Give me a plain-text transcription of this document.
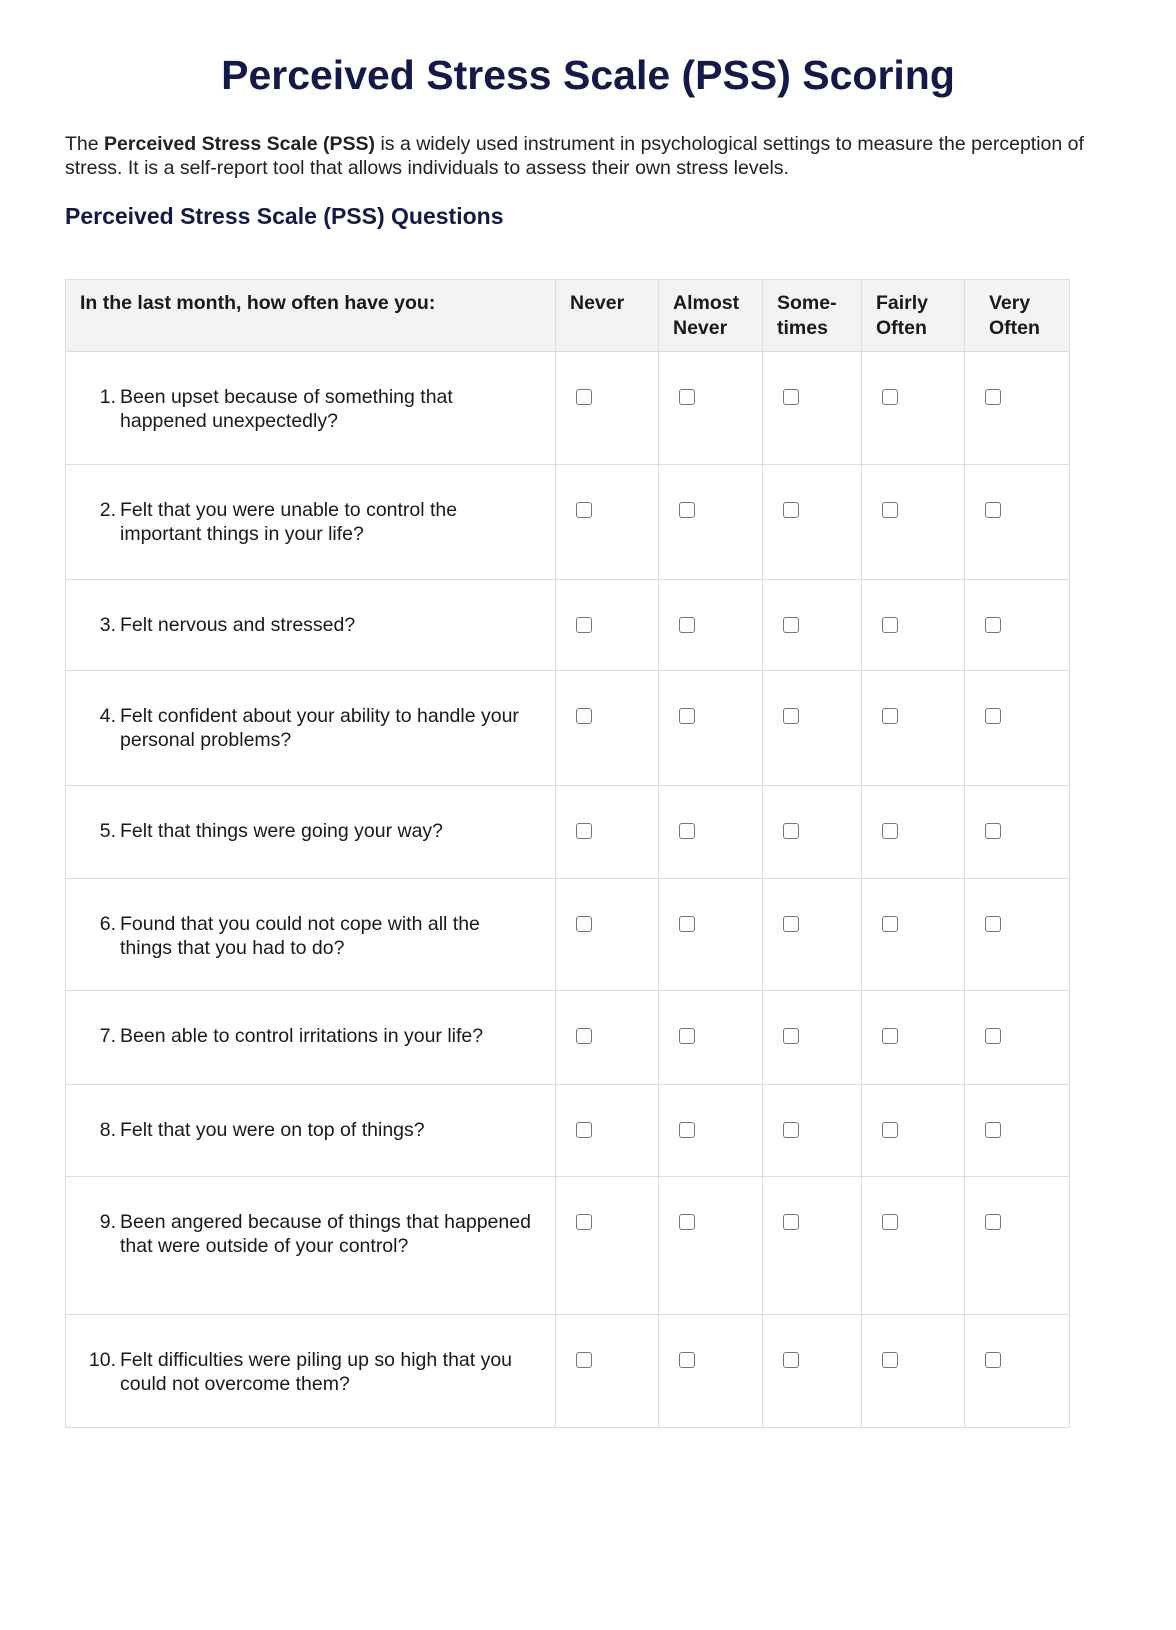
Perceived Stress Scale (PSS) Scoring

The Perceived Stress Scale (PSS) is a widely used instrument in psychological settings to measure the perception of stress. It is a self-report tool that allows individuals to assess their own stress levels.

Perceived Stress Scale (PSS) Questions
In the last month, how often have you:	Never	Almost Never	Some-times	Fairly Often	Very Often

1. Been upset because of something that happened unexpectedly?					

2. Felt that you were unable to control the important things in your life?					

3. Felt nervous and stressed?					

4. Felt confident about your ability to handle your personal problems?					

5. Felt that things were going your way?					

6. Found that you could not cope with all the things that you had to do?					

7. Been able to control irritations in your life?					

8. Felt that you were on top of things?					

9. Been angered because of things that happened that were outside of your control?					

10. Felt difficulties were piling up so high that you could not overcome them?					
